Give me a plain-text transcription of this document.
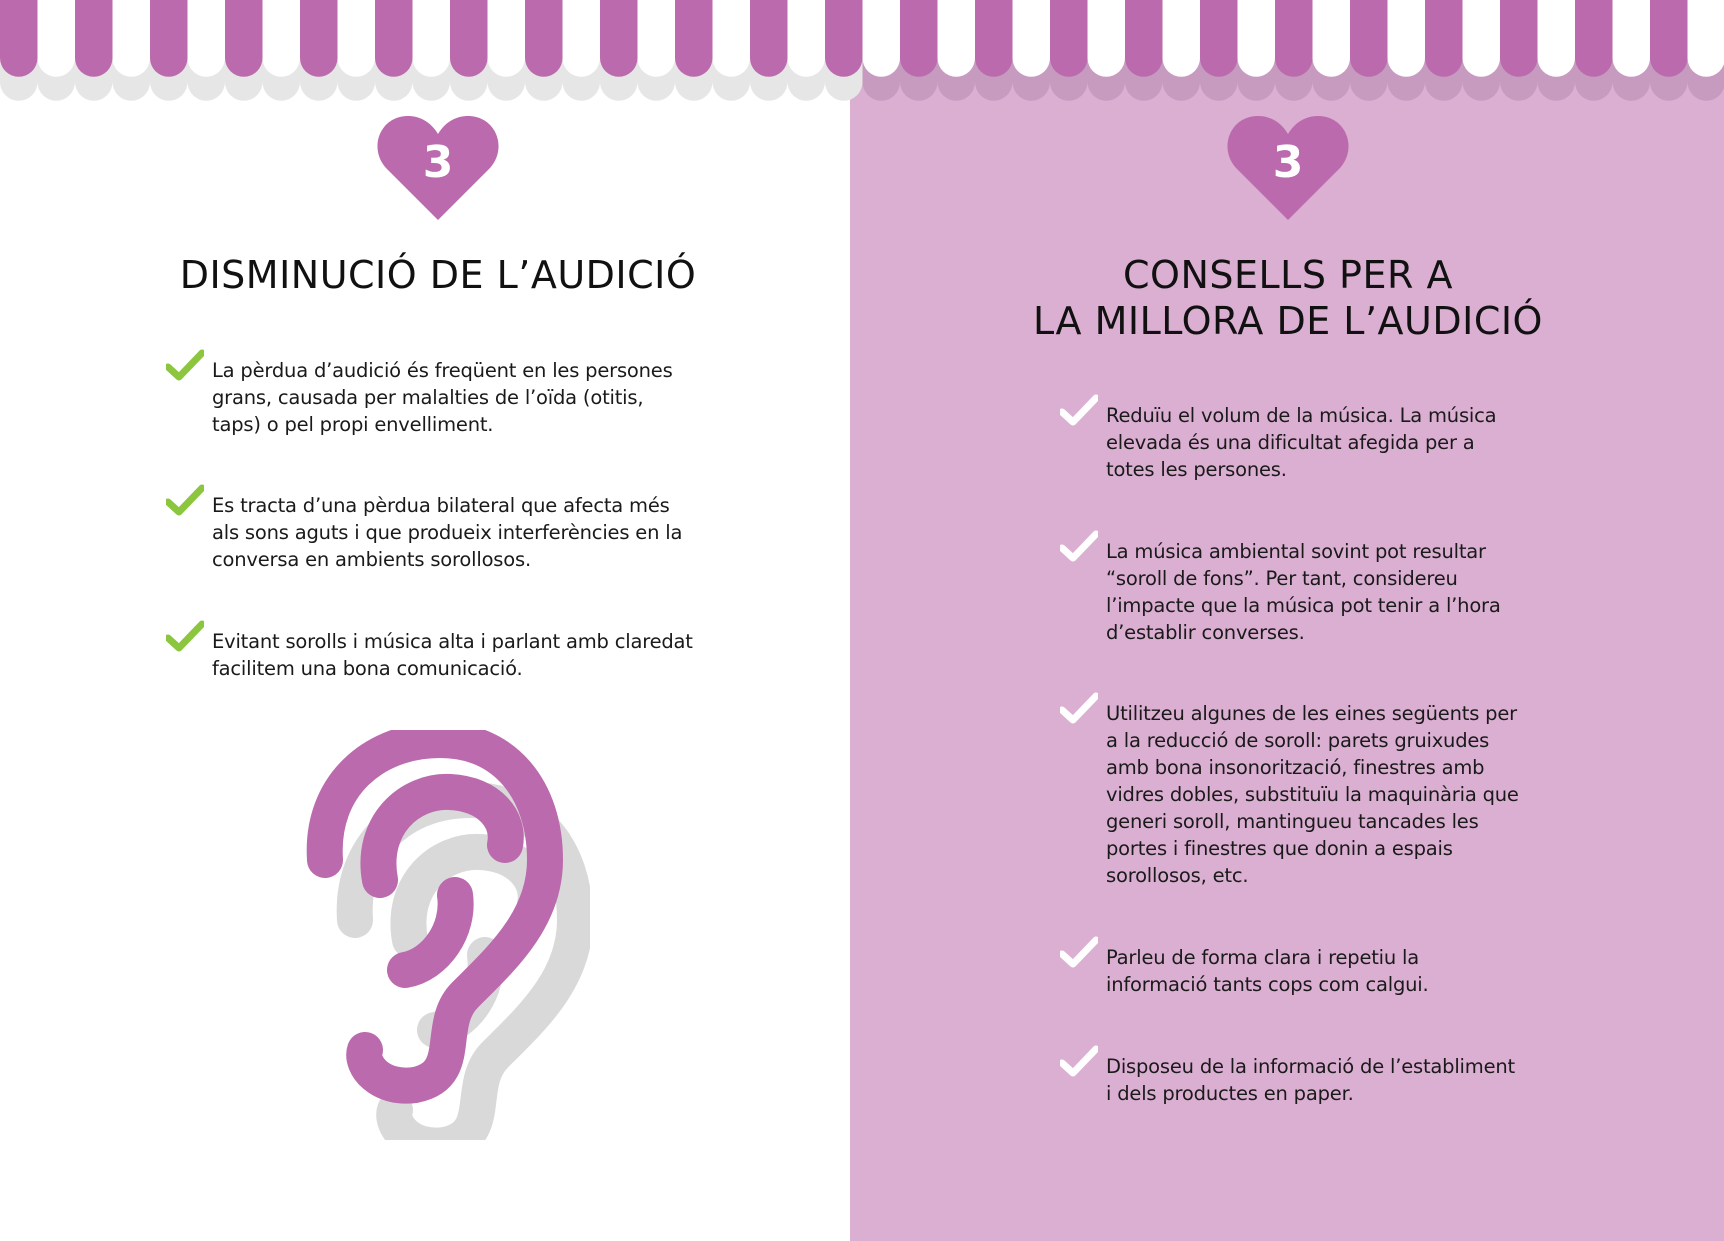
3
DISMINUCIÓ DE L’AUDICIÓ
La pèrdua d’audició és freqüent en les persones grans, causada per malalties de l’oïda (otitis, taps) o pel propi envelliment.
Es tracta d’una pèrdua bilateral que afecta més als sons aguts i que produeix interferències en la conversa en ambients sorollosos.
Evitant sorolls i música alta i parlant amb claredat facilitem una bona comunicació.
3
CONSELLS PER A
LA MILLORA DE L’AUDICIÓ
Reduïu el volum de la música. La música elevada és una dificultat afegida per a totes les persones.
La música ambiental sovint pot resultar “soroll de fons”. Per tant, considereu l’impacte que la música pot tenir a l’hora d’establir converses.
Utilitzeu algunes de les eines següents per a la reducció de soroll: parets gruixudes amb bona insonorització, finestres amb vidres dobles, substituïu la maquinària que generi soroll, mantingueu tancades les portes i finestres que donin a espais sorollosos, etc.
Parleu de forma clara i repetiu la informació tants cops com calgui.
Disposeu de la informació de l’establiment i dels productes en paper.
